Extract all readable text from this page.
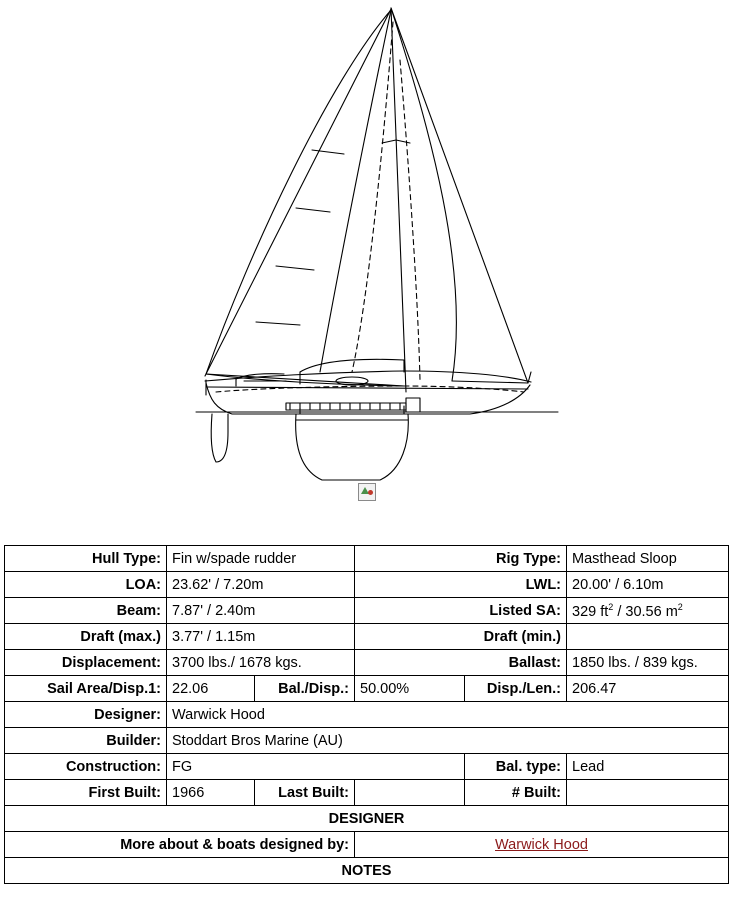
Hull Type:	Fin w/spade rudder		Rig Type:		Masthead Sloop
LOA:	23.62' / 7.20m		LWL:		20.00' / 6.10m
Beam:	7.87' / 2.40m		Listed SA:		329 $ft^2 / 30.56$ $m^2$
Draft (max.)	3.77' / 1.15m		Draft (min.)		
Displacement:	3700 lbs./ 1678 kgs.		Ballast:		1850 lbs. / 839 kgs.
Sail Area/Disp.1:	22.06	Bal./Disp.:	50.00%	Disp./Len.:	206.47
Designer:	Warwick Hood				
Builder:	Stoddart Bros Marine (AU)				
Construction:	FG			Bal. type:	Lead
First Built:	1966	Last Built:		# Built:	
DESIGNER					
More about & boats designed by:			Warwick Hood		
NOTES					
